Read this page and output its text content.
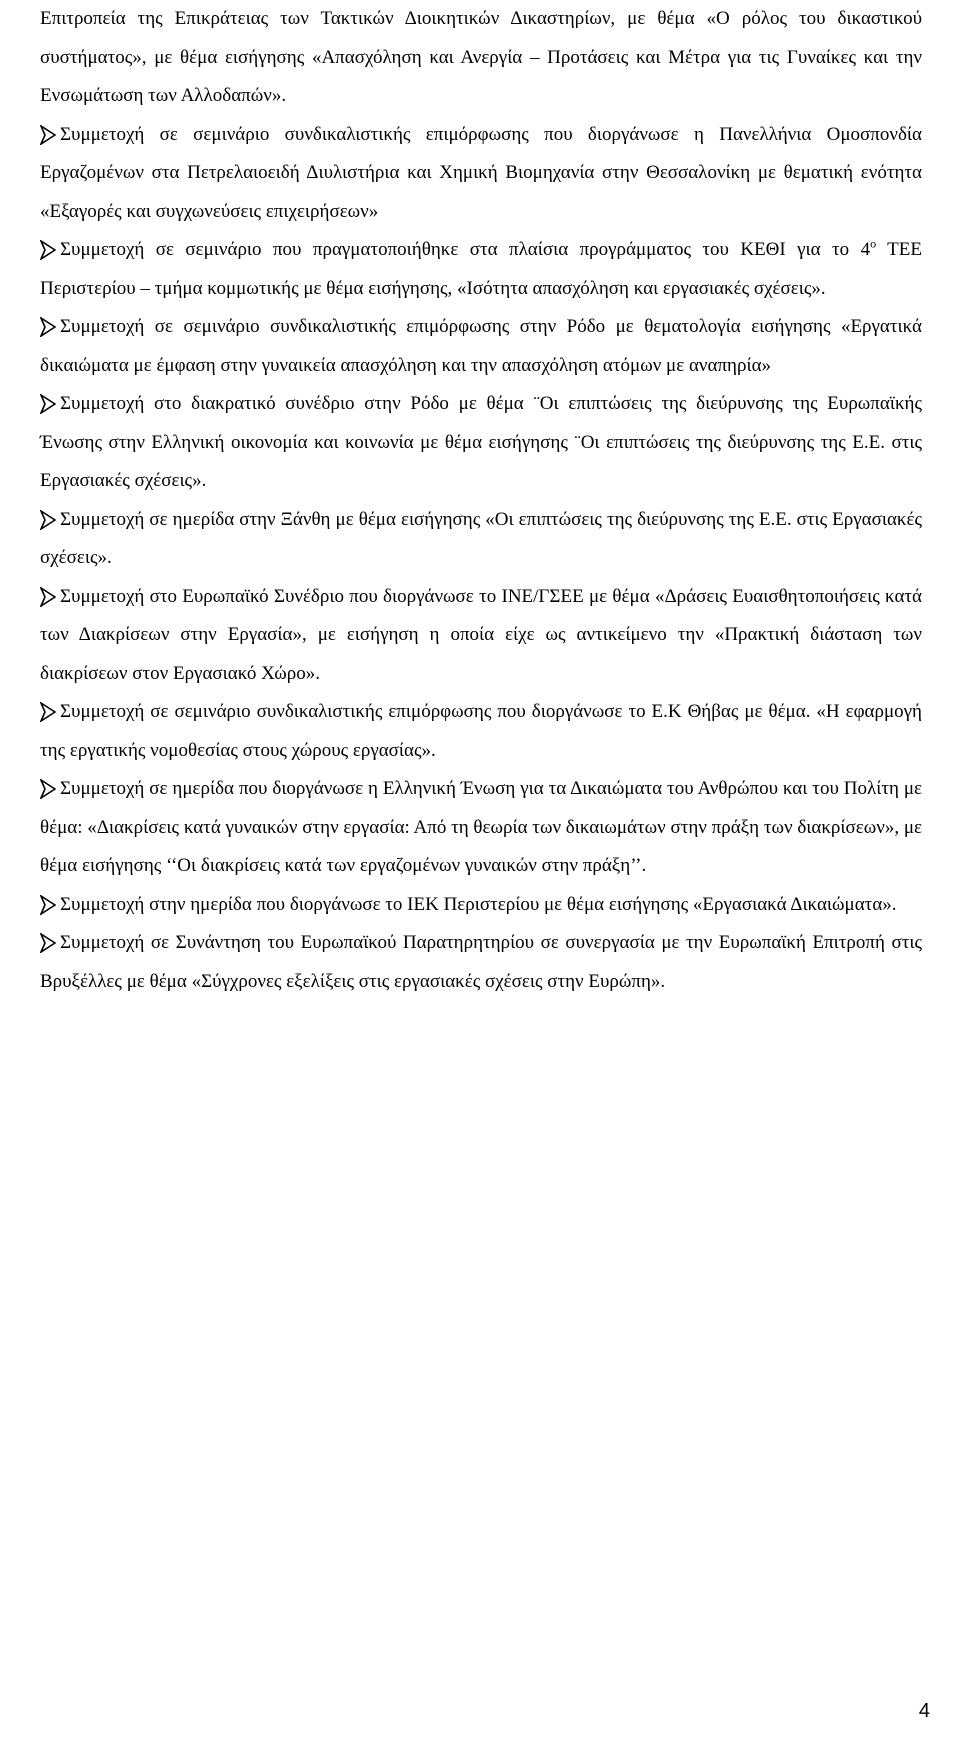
Επιτροπεία της Επικράτειας των Τακτικών Διοικητικών Δικαστηρίων, με θέμα «Ο ρόλος του δικαστικού συστήματος», με θέμα εισήγησης «Απασχόληση και Ανεργία – Προτάσεις και Μέτρα για τις Γυναίκες και την Ενσωμάτωση των Αλλοδαπών».

Συμμετοχή σε σεμινάριο συνδικαλιστικής επιμόρφωσης που διοργάνωσε η Πανελλήνια Ομοσπονδία Εργαζομένων στα Πετρελαιοειδή Διυλιστήρια και Χημική Βιομηχανία στην Θεσσαλονίκη με θεματική ενότητα «Εξαγορές και συγχωνεύσεις επιχειρήσεων»

Συμμετοχή σε σεμινάριο που πραγματοποιήθηκε στα πλαίσια προγράμματος του ΚΕΘΙ για το $4^o$ ΤΕΕ Περιστερίου – τμήμα κομμωτικής με θέμα εισήγησης, «Ισότητα απασχόληση και εργασιακές σχέσεις».

Συμμετοχή σε σεμινάριο συνδικαλιστικής επιμόρφωσης στην Ρόδο με θεματολογία εισήγησης «Εργατικά δικαιώματα με έμφαση στην γυναικεία απασχόληση και την απασχόληση ατόμων με αναπηρία»

Συμμετοχή στο διακρατικό συνέδριο στην Ρόδο με θέμα ¨Οι επιπτώσεις της διεύρυνσης της Ευρωπαϊκής Ένωσης στην Ελληνική οικονομία και κοινωνία με θέμα εισήγησης ¨Οι επιπτώσεις της διεύρυνσης της Ε.Ε. στις Εργασιακές σχέσεις».

Συμμετοχή σε ημερίδα στην Ξάνθη με θέμα εισήγησης «Οι επιπτώσεις της διεύρυνσης της Ε.Ε. στις Εργασιακές σχέσεις».

Συμμετοχή στο Ευρωπαϊκό Συνέδριο που διοργάνωσε το ΙΝΕ/ΓΣΕΕ με θέμα «Δράσεις Ευαισθητοποιήσεις κατά των Διακρίσεων στην Εργασία», με εισήγηση η οποία είχε ως αντικείμενο την «Πρακτική διάσταση των διακρίσεων στον Εργασιακό Χώρο».

Συμμετοχή σε σεμινάριο συνδικαλιστικής επιμόρφωσης που διοργάνωσε το Ε.Κ Θήβας με θέμα. «Η εφαρμογή της εργατικής νομοθεσίας στους χώρους εργασίας».

Συμμετοχή σε ημερίδα που διοργάνωσε η Ελληνική Ένωση για τα Δικαιώματα του Ανθρώπου και του Πολίτη με θέμα: «Διακρίσεις κατά γυναικών στην εργασία: Από τη θεωρία των δικαιωμάτων στην πράξη των διακρίσεων», με θέμα εισήγησης ‘‘Οι διακρίσεις κατά των εργαζομένων γυναικών στην πράξη’’.

Συμμετοχή στην ημερίδα που διοργάνωσε το ΙΕΚ Περιστερίου με θέμα εισήγησης «Εργασιακά Δικαιώματα».

Συμμετοχή σε Συνάντηση του Ευρωπαϊκού Παρατηρητηρίου σε συνεργασία με την Ευρωπαϊκή Επιτροπή στις Βρυξέλλες με θέμα «Σύγχρονες εξελίξεις στις εργασιακές σχέσεις στην Ευρώπη».

4
